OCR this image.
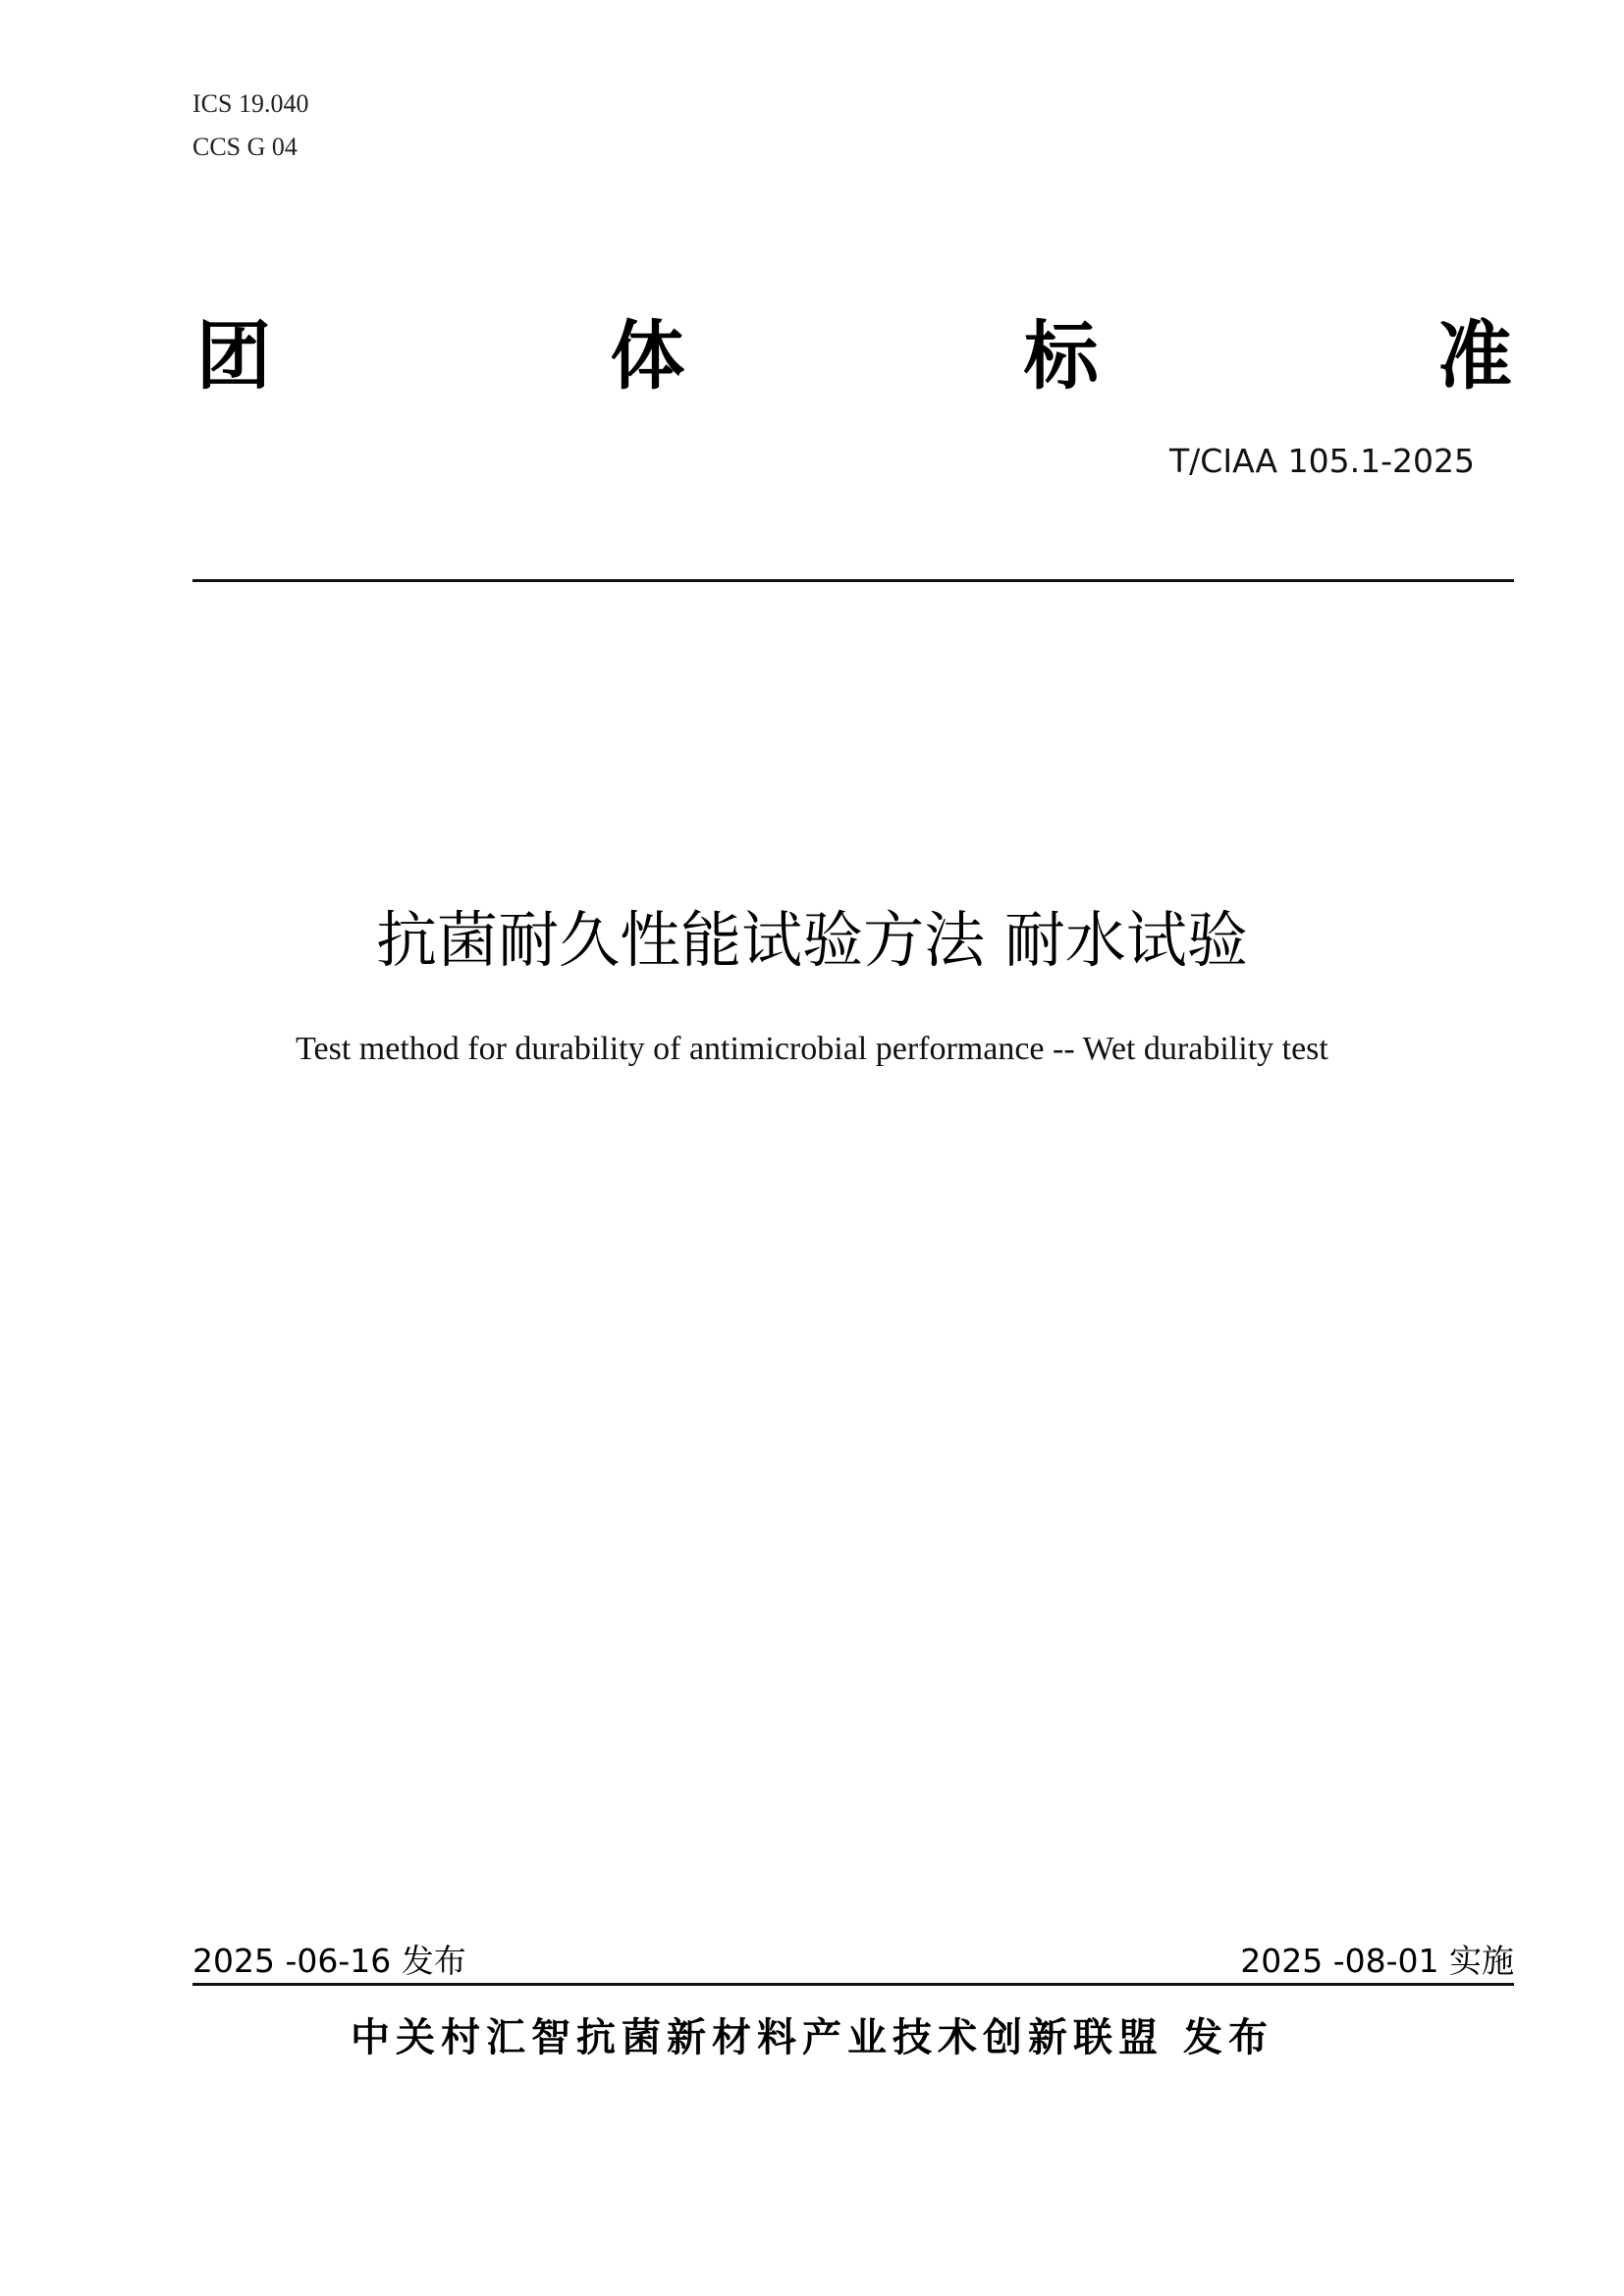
ICS 19.040
CCS G 04
团	体	标	准
T/CIAA 105.1-2025
抗菌耐久性能试验方法 耐水试验
Test method for durability of antimicrobial performance -- Wet durability test
2025 -06-16 发布	2025 -08-01 实施
中关村汇智抗菌新材料产业技术创新联盟 发布
